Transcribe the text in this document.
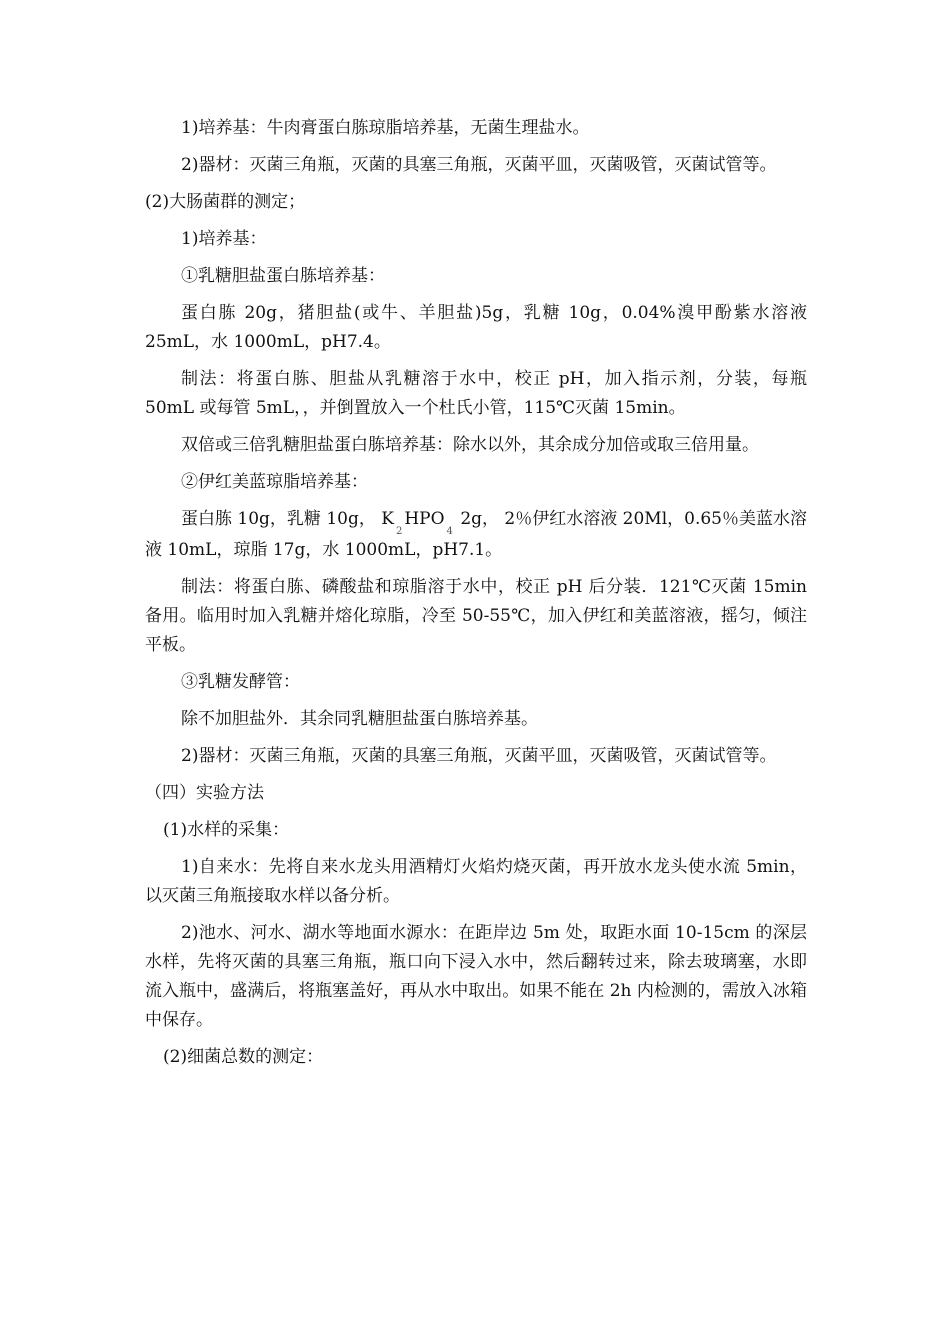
1)培养基：牛肉膏蛋白胨琼脂培养基，无菌生理盐水。

2)器材：灭菌三角瓶，灭菌的具塞三角瓶，灭菌平皿，灭菌吸管，灭菌试管等。

(2)大肠菌群的测定；

1)培养基：

①乳糖胆盐蛋白胨培养基：

蛋白胨 20g，猪胆盐(或牛、羊胆盐)5g，乳糖 10g，0.04%溴甲酚紫水溶液 25mL，水 1000mL，pH7.4。

制法：将蛋白胨、胆盐从乳糖溶于水中，校正 pH，加入指示剂，分装，每瓶 50mL 或每管 5mL，，并倒置放入一个杜氏小管，115℃灭菌 15min。

双倍或三倍乳糖胆盐蛋白胨培养基：除水以外，其余成分加倍或取三倍用量。

②伊红美蓝琼脂培养基：

蛋白胨 10g，乳糖 10g， $K_2HPO_4$ 2g， 2％伊红水溶液 20Ml，0.65％美蓝水溶液 10mL，琼脂 17g，水 1000mL，pH7.1。

制法：将蛋白胨、磷酸盐和琼脂溶于水中，校正 pH 后分装．121℃灭菌 15min 备用。临用时加入乳糖并熔化琼脂，冷至 50-55℃，加入伊红和美蓝溶液，摇匀，倾注平板。

③乳糖发酵管：

除不加胆盐外．其余同乳糖胆盐蛋白胨培养基。

2)器材：灭菌三角瓶，灭菌的具塞三角瓶，灭菌平皿，灭菌吸管，灭菌试管等。

（四）实验方法

(1)水样的采集：

1)自来水：先将自来水龙头用酒精灯火焰灼烧灭菌，再开放水龙头使水流 5min，以灭菌三角瓶接取水样以备分析。

2)池水、河水、湖水等地面水源水：在距岸边 5m 处，取距水面 10-15cm 的深层水样，先将灭菌的具塞三角瓶，瓶口向下浸入水中，然后翻转过来，除去玻璃塞，水即流入瓶中，盛满后，将瓶塞盖好，再从水中取出。如果不能在 2h 内检测的，需放入冰箱中保存。

(2)细菌总数的测定：
